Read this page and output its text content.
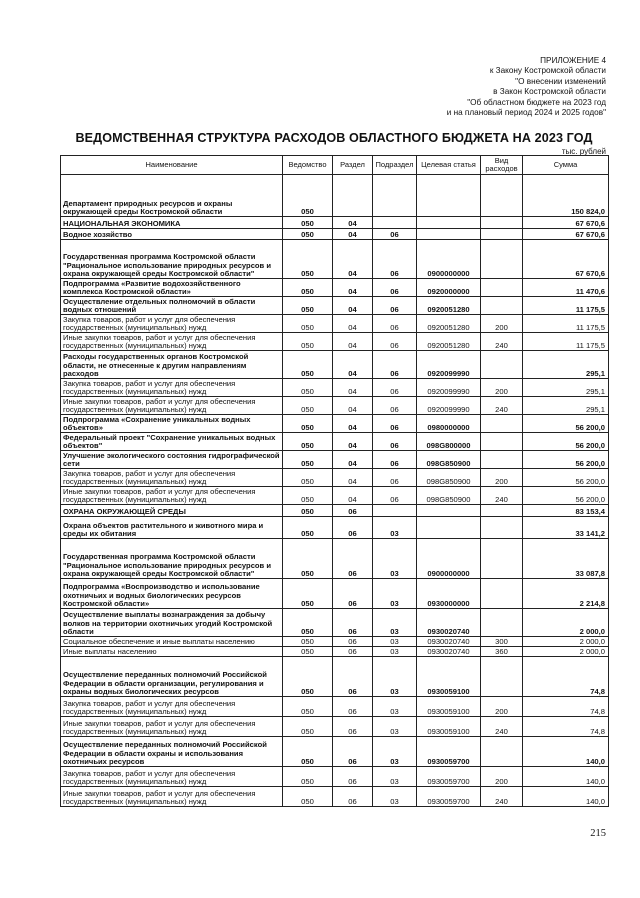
ПРИЛОЖЕНИЕ 4
к Закону Костромской области
"О внесении изменений
в Закон Костромской области
"Об областном бюджете на 2023 год
и на плановый период 2024 и 2025 годов"
ВЕДОМСТВЕННАЯ СТРУКТУРА РАСХОДОВ ОБЛАСТНОГО БЮДЖЕТА НА 2023 ГОД
тыс. рублей
Наименование	Ведомство	Раздел	Подраздел	Целевая статья	Вид расходов	Сумма
Департамент природных ресурсов и охраны окружающей среды Костромской области	050					150 824,0
НАЦИОНАЛЬНАЯ ЭКОНОМИКА	050	04				67 670,6
Водное хозяйство	050	04	06			67 670,6
Государственная программа Костромской области "Рациональное использование природных ресурсов и охрана окружающей среды Костромской области"	050	04	06	0900000000		67 670,6
Подпрограмма «Развитие водохозяйственного комплекса Костромской области»	050	04	06	0920000000		11 470,6
Осуществление отдельных полномочий в области водных отношений	050	04	06	0920051280		11 175,5
Закупка товаров, работ и услуг для обеспечения государственных (муниципальных) нужд	050	04	06	0920051280	200	11 175,5
Иные закупки товаров, работ и услуг для обеспечения государственных (муниципальных) нужд	050	04	06	0920051280	240	11 175,5
Расходы государственных органов Костромской области, не отнесенные к другим направлениям расходов	050	04	06	0920099990		295,1
Закупка товаров, работ и услуг для обеспечения государственных (муниципальных) нужд	050	04	06	0920099990	200	295,1
Иные закупки товаров, работ и услуг для обеспечения государственных (муниципальных) нужд	050	04	06	0920099990	240	295,1
Подпрограмма «Сохранение уникальных водных объектов»	050	04	06	0980000000		56 200,0
Федеральный проект "Сохранение уникальных водных объектов"	050	04	06	098G800000		56 200,0
Улучшение экологического состояния гидрографической сети	050	04	06	098G850900		56 200,0
Закупка товаров, работ и услуг для обеспечения государственных (муниципальных) нужд	050	04	06	098G850900	200	56 200,0
Иные закупки товаров, работ и услуг для обеспечения государственных (муниципальных) нужд	050	04	06	098G850900	240	56 200,0
ОХРАНА ОКРУЖАЮЩЕЙ СРЕДЫ	050	06				83 153,4
Охрана объектов растительного и животного мира и среды их обитания	050	06	03			33 141,2
Государственная программа Костромской области "Рациональное использование природных ресурсов и охрана окружающей среды Костромской области"	050	06	03	0900000000		33 087,8
Подпрограмма «Воспроизводство и использование охотничьих и водных биологических ресурсов Костромской области»	050	06	03	0930000000		2 214,8
Осуществление выплаты вознаграждения за добычу волков на территории охотничьих угодий Костромской области	050	06	03	0930020740		2 000,0
Социальное обеспечение и иные выплаты населению	050	06	03	0930020740	300	2 000,0
Иные выплаты населению	050	06	03	0930020740	360	2 000,0
Осуществление переданных полномочий Российской Федерации в области организации, регулирования и охраны водных биологических ресурсов	050	06	03	0930059100		74,8
Закупка товаров, работ и услуг для обеспечения государственных (муниципальных) нужд	050	06	03	0930059100	200	74,8
Иные закупки товаров, работ и услуг для обеспечения государственных (муниципальных) нужд	050	06	03	0930059100	240	74,8
Осуществление переданных полномочий Российской Федерации в области охраны и использования охотничьих ресурсов	050	06	03	0930059700		140,0
Закупка товаров, работ и услуг для обеспечения государственных (муниципальных) нужд	050	06	03	0930059700	200	140,0
Иные закупки товаров, работ и услуг для обеспечения государственных (муниципальных) нужд	050	06	03	0930059700	240	140,0
215
